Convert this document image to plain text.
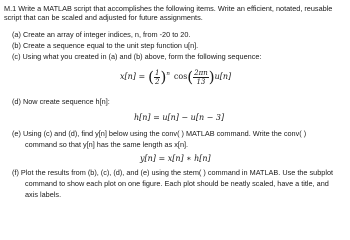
M.1 Write a MATLAB script that accomplishes the following items. Write an efficient, notated, reusable
script that can be scaled and adjusted for future assignments.
(a) Create an array of integer indices, n, from -20 to 20.
(b) Create a sequence equal to the unit step function u[n].
(c) Using what you created in (a) and (b) above, form the following sequence:
x[n] = ( $\frac{1}{2} )^n$ cos ( $\frac{2\pi n}{13}$ ) u[n]
(d) Now create sequence h[n]:
h[n] = u[n] − u[n − 3]
(e) Using (c) and (d), find y[n] below using the conv( ) MATLAB command. Write the conv( )
command so that y[n] has the same length as x[n].
y[n] = x[n] ∗ h[n]
(f) Plot the results from (b), (c), (d), and (e) using the stem( ) command in MATLAB. Use the subplot
command to show each plot on one figure. Each plot should be neatly scaled, have a title, and
axis labels.
